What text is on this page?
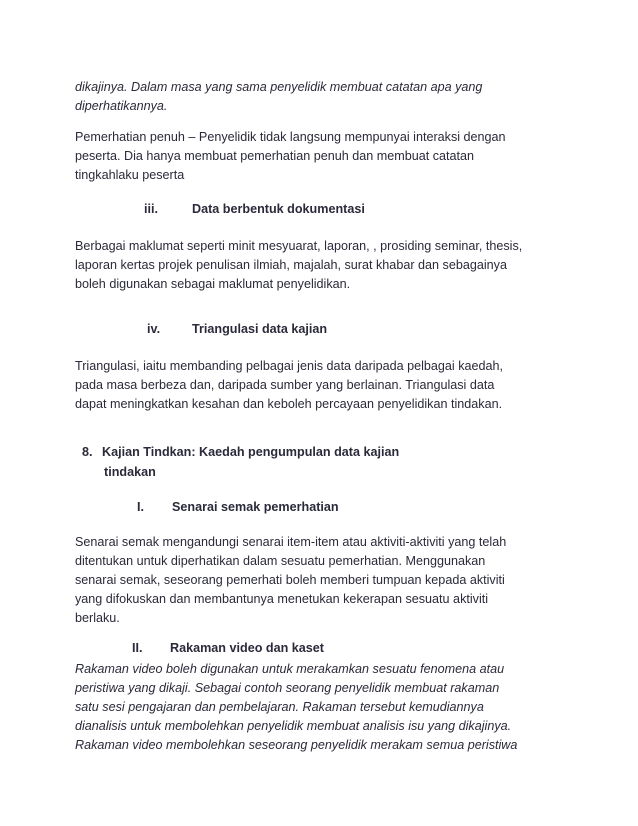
dikajinya. Dalam masa yang sama penyelidik membuat catatan apa yang
diperhatikannya.
Pemerhatian penuh – Penyelidik tidak langsung mempunyai interaksi dengan
peserta. Dia hanya membuat pemerhatian penuh dan membuat catatan
tingkahlaku peserta
iii.	Data berbentuk dokumentasi
Berbagai maklumat seperti minit mesyuarat, laporan, , prosiding seminar, thesis,
laporan kertas projek penulisan ilmiah, majalah, surat khabar dan sebagainya
boleh digunakan sebagai maklumat penyelidikan.
iv.	Triangulasi data kajian
Triangulasi, iaitu membanding pelbagai jenis data daripada pelbagai kaedah,
pada masa berbeza dan, daripada sumber yang berlainan. Triangulasi data
dapat meningkatkan kesahan dan keboleh percayaan penyelidikan tindakan.
8. Kajian Tindkan: Kaedah pengumpulan data kajian
tindakan
I. Senarai semak pemerhatian
Senarai semak mengandungi senarai item-item atau aktiviti-aktiviti yang telah
ditentukan untuk diperhatikan dalam sesuatu pemerhatian. Menggunakan
senarai semak, seseorang pemerhati boleh memberi tumpuan kepada aktiviti
yang difokuskan dan membantunya menetukan kekerapan sesuatu aktiviti
berlaku.
II. Rakaman video dan kaset
Rakaman video boleh digunakan untuk merakamkan sesuatu fenomena atau
peristiwa yang dikaji. Sebagai contoh seorang penyelidik membuat rakaman
satu sesi pengajaran dan pembelajaran. Rakaman tersebut kemudiannya
dianalisis untuk membolehkan penyelidik membuat analisis isu yang dikajinya.
Rakaman video membolehkan seseorang penyelidik merakam semua peristiwa
